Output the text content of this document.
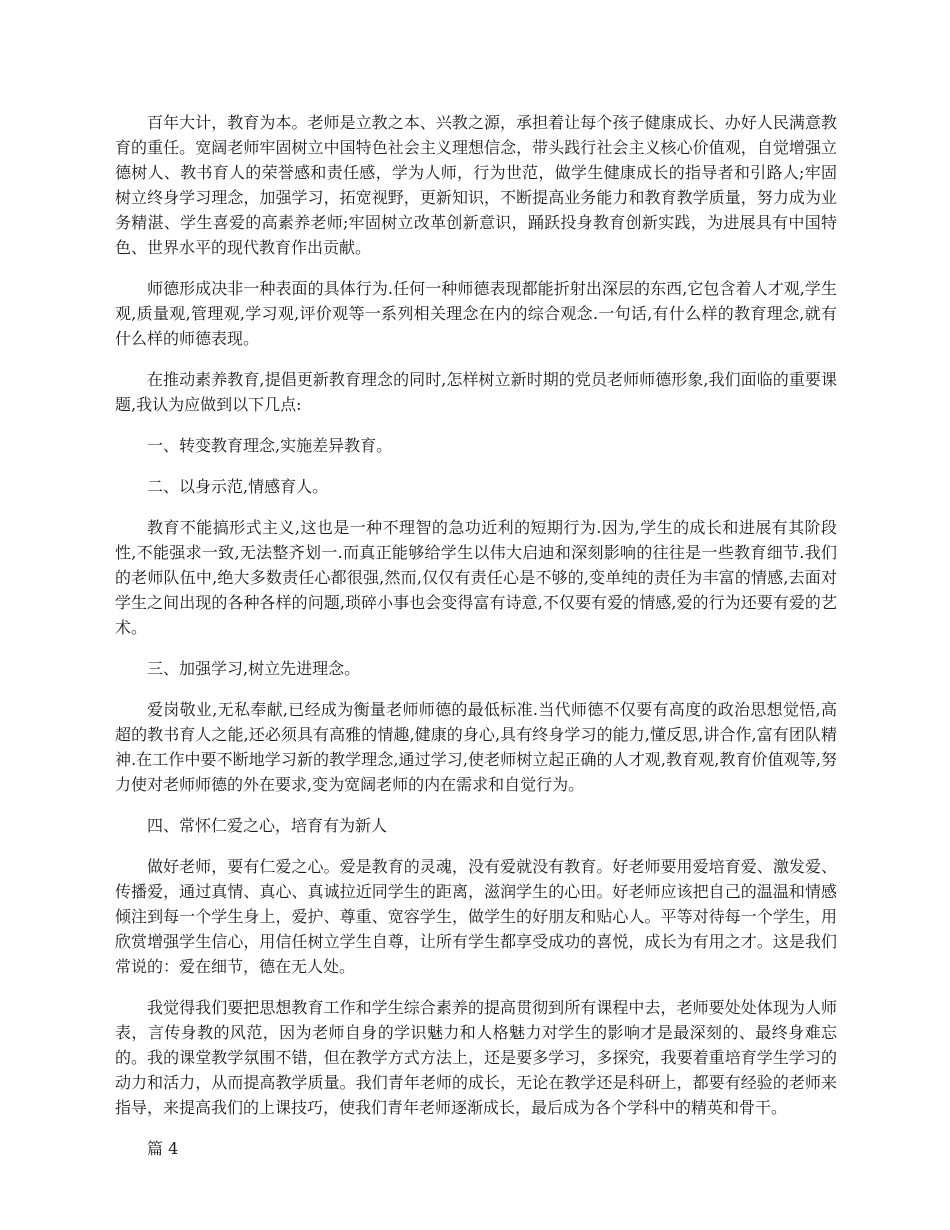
百年大计，教育为本。老师是立教之本、兴教之源，承担着让每个孩子健康成长、办好人民满意教育的重任。宽阔老师牢固树立中国特色社会主义理想信念，带头践行社会主义核心价值观，自觉增强立德树人、教书育人的荣誉感和责任感，学为人师，行为世范，做学生健康成长的指导者和引路人;牢固树立终身学习理念，加强学习，拓宽视野，更新知识，不断提高业务能力和教育教学质量，努力成为业务精湛、学生喜爱的高素养老师;牢固树立改革创新意识，踊跃投身教育创新实践，为进展具有中国特色、世界水平的现代教育作出贡献。

师德形成决非一种表面的具体行为.任何一种师德表现都能折射出深层的东西,它包含着人才观,学生观,质量观,管理观,学习观,评价观等一系列相关理念在内的综合观念.一句话,有什么样的教育理念,就有什么样的师德表现。

在推动素养教育,提倡更新教育理念的同时,怎样树立新时期的党员老师师德形象,我们面临的重要课题,我认为应做到以下几点:

一、转变教育理念,实施差异教育。

二、以身示范,情感育人。

教育不能搞形式主义,这也是一种不理智的急功近利的短期行为.因为,学生的成长和进展有其阶段性,不能强求一致,无法整齐划一.而真正能够给学生以伟大启迪和深刻影响的往往是一些教育细节.我们的老师队伍中,绝大多数责任心都很强,然而,仅仅有责任心是不够的,变单纯的责任为丰富的情感,去面对学生之间出现的各种各样的问题,琐碎小事也会变得富有诗意,不仅要有爱的情感,爱的行为还要有爱的艺术。

三、加强学习,树立先进理念。

爱岗敬业,无私奉献,已经成为衡量老师师德的最低标准.当代师德不仅要有高度的政治思想觉悟,高超的教书育人之能,还必须具有高雅的情趣,健康的身心,具有终身学习的能力,懂反思,讲合作,富有团队精神.在工作中要不断地学习新的教学理念,通过学习,使老师树立起正确的人才观,教育观,教育价值观等,努力使对老师师德的外在要求,变为宽阔老师的内在需求和自觉行为。

四、常怀仁爱之心，培育有为新人

做好老师，要有仁爱之心。爱是教育的灵魂，没有爱就没有教育。好老师要用爱培育爱、激发爱、传播爱，通过真情、真心、真诚拉近同学生的距离，滋润学生的心田。好老师应该把自己的温温和情感倾注到每一个学生身上，爱护、尊重、宽容学生，做学生的好朋友和贴心人。平等对待每一个学生，用欣赏增强学生信心，用信任树立学生自尊，让所有学生都享受成功的喜悦，成长为有用之才。这是我们常说的：爱在细节，德在无人处。

我觉得我们要把思想教育工作和学生综合素养的提高贯彻到所有课程中去，老师要处处体现为人师表，言传身教的风范，因为老师自身的学识魅力和人格魅力对学生的影响才是最深刻的、最终身难忘的。我的课堂教学氛围不错，但在教学方式方法上，还是要多学习，多探究，我要着重培育学生学习的动力和活力，从而提高教学质量。我们青年老师的成长，无论在教学还是科研上，都要有经验的老师来指导，来提高我们的上课技巧，使我们青年老师逐渐成长，最后成为各个学科中的精英和骨干。

篇 4
